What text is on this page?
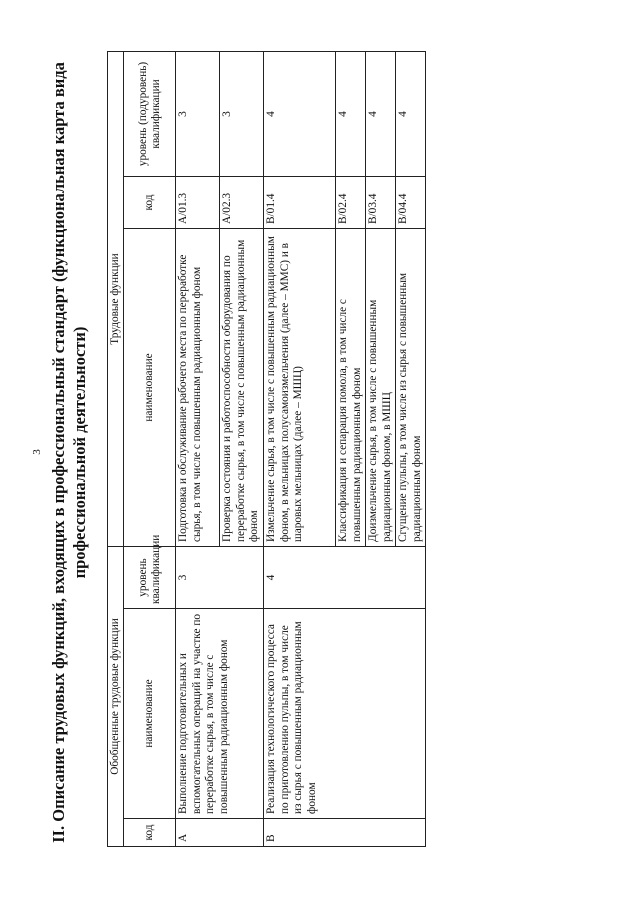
3 II. Описание трудовых функций, входящих в профессиональный стандарт (функциональная карта вида профессиональной деятельности)
Обобщенные трудовые функции			Трудовые функции		
код	наименование	уровень квалификации	наименование	код	уровень (подуровень) квалификации
А	Выполнение подготовительных и вспомогательных операций на участке по переработке сырья, в том числе с повышенным радиационным фоном	3	Подготовка и обслуживание рабочего места по переработке сырья, в том числе с повышенным радиационным фоном	A/01.3	3
			Проверка состояния и работоспособности оборудования по переработке сырья, в том числе с повышенным радиационным фоном	A/02.3	3
В	Реализация технологического процесса по приготовлению пульпы, в том числе из сырья с повышенным радиационным фоном	4	Измельчение сырья, в том числе с повышенным радиационным фоном, в мельницах полусамоизмельчения (далее – ММС) и в шаровых мельницах (далее – МШЦ)	B/01.4	4
			Классификация и сепарация помола, в том числе с повышенным радиационным фоном	B/02.4	4
			Доизмельчение сырья, в том числе с повышенным радиационным фоном, в МШЦ	B/03.4	4
			Сгущение пульпы, в том числе из сырья с повышенным радиационным фоном	B/04.4	4
